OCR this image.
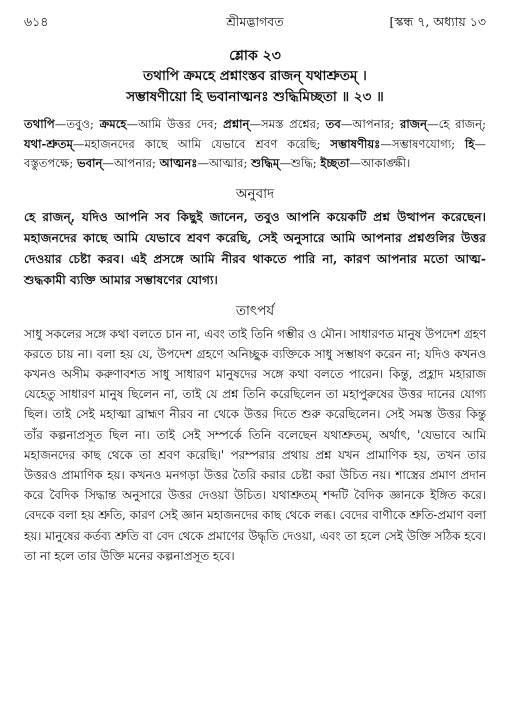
৬১৪	শ্রীমদ্ভাগবত	[স্কন্ধ ৭, অধ্যায় ১৩
শ্লোক ২৩
তথাপি ক্রমহে প্রশ্নাংস্তব রাজন্ যথাশ্রুতম্ ।
সম্ভাষণীয়ো হি ভবানাত্মনঃ শুদ্ধিমিচ্ছতা ॥ ২৩ ॥
তথাপি—তবুও; ক্রমহে—আমি উত্তর দেব; প্রশ্নান্—সমস্ত প্রশ্নের; তব—আপনার; রাজন্—হে রাজন্; যথা-শ্রুতম্—মহাজনদের কাছে আমি যেভাবে শ্রবণ করেছি; সম্ভাষণীয়ঃ—সম্ভাষণযোগ্য; হি—বস্তুতপক্ষে; ভবান্—আপনার; আত্মনঃ—আত্মার; শুদ্ধিম্—শুদ্ধি; ইচ্ছতা—আকাঙ্ক্ষী।
অনুবাদ
হে রাজন্, যদিও আপনি সব কিছুই জানেন, তবুও আপনি কয়েকটি প্রশ্ন উত্থাপন করেছেন। মহাজনদের কাছে আমি যেভাবে শ্রবণ করেছি, সেই অনুসারে আমি আপনার প্রশ্নগুলির উত্তর দেওয়ার চেষ্টা করব। এই প্রসঙ্গে আমি নীরব থাকতে পারি না, কারণ আপনার মতো আত্ম-শুদ্ধকামী ব্যক্তি আমার সম্ভাষণের যোগ্য।
তাৎপর্য
সাধু সকলের সঙ্গে কথা বলতে চান না, এবং তাই তিনি গম্ভীর ও মৌন। সাধারণত মানুষ উপদেশ গ্রহণ করতে চায় না। বলা হয় যে, উপদেশ গ্রহণে অনিচ্ছুক ব্যক্তিকে সাধু সম্ভাষণ করেন না; যদিও কখনও কখনও অসীম করুণাবশত সাধু সাধারণ মানুষদের সঙ্গে কথা বলতে পারেন। কিন্তু, প্রহ্লাদ মহারাজ যেহেতু সাধারণ মানুষ ছিলেন না, তাই যে প্রশ্ন তিনি করেছিলেন তা মহাপুরুষের উত্তর দানের যোগ্য ছিল। তাই সেই মহাত্মা ব্রাহ্মণ নীরব না থেকে উত্তর দিতে শুরু করেছিলেন। সেই সমস্ত উত্তর কিন্তু তাঁর কল্পনাপ্রসূত ছিল না। তাই সেই সম্পর্কে তিনি বলেছেন যথাশ্রুতম্, অর্থাৎ, 'যেভাবে আমি মহাজনদের কাছ থেকে তা শ্রবণ করেছি।' পরম্পরার প্রথায় প্রশ্ন যখন প্রামাণিক হয়, তখন তার উত্তরও প্রামাণিক হয়। কখনও মনগড়া উত্তর তৈরি করার চেষ্টা করা উচিত নয়। শাস্ত্রের প্রমাণ প্রদান করে বৈদিক সিদ্ধান্ত অনুসারে উত্তর দেওয়া উচিত। যথাশ্রুতম্ শব্দটি বৈদিক জ্ঞানকে ইঙ্গিত করে। বেদকে বলা হয় শ্রুতি, কারণ সেই জ্ঞান মহাজনদের কাছ থেকে লব্ধ। বেদের বাণীকে শ্রুতি-প্রমাণ বলা হয়। মানুষের কর্তব্য শ্রুতি বা বেদ থেকে প্রমাণের উদ্ধৃতি দেওয়া, এবং তা হলে সেই উক্তি সঠিক হবে। তা না হলে তার উক্তি মনের কল্পনাপ্রসূত হবে।
